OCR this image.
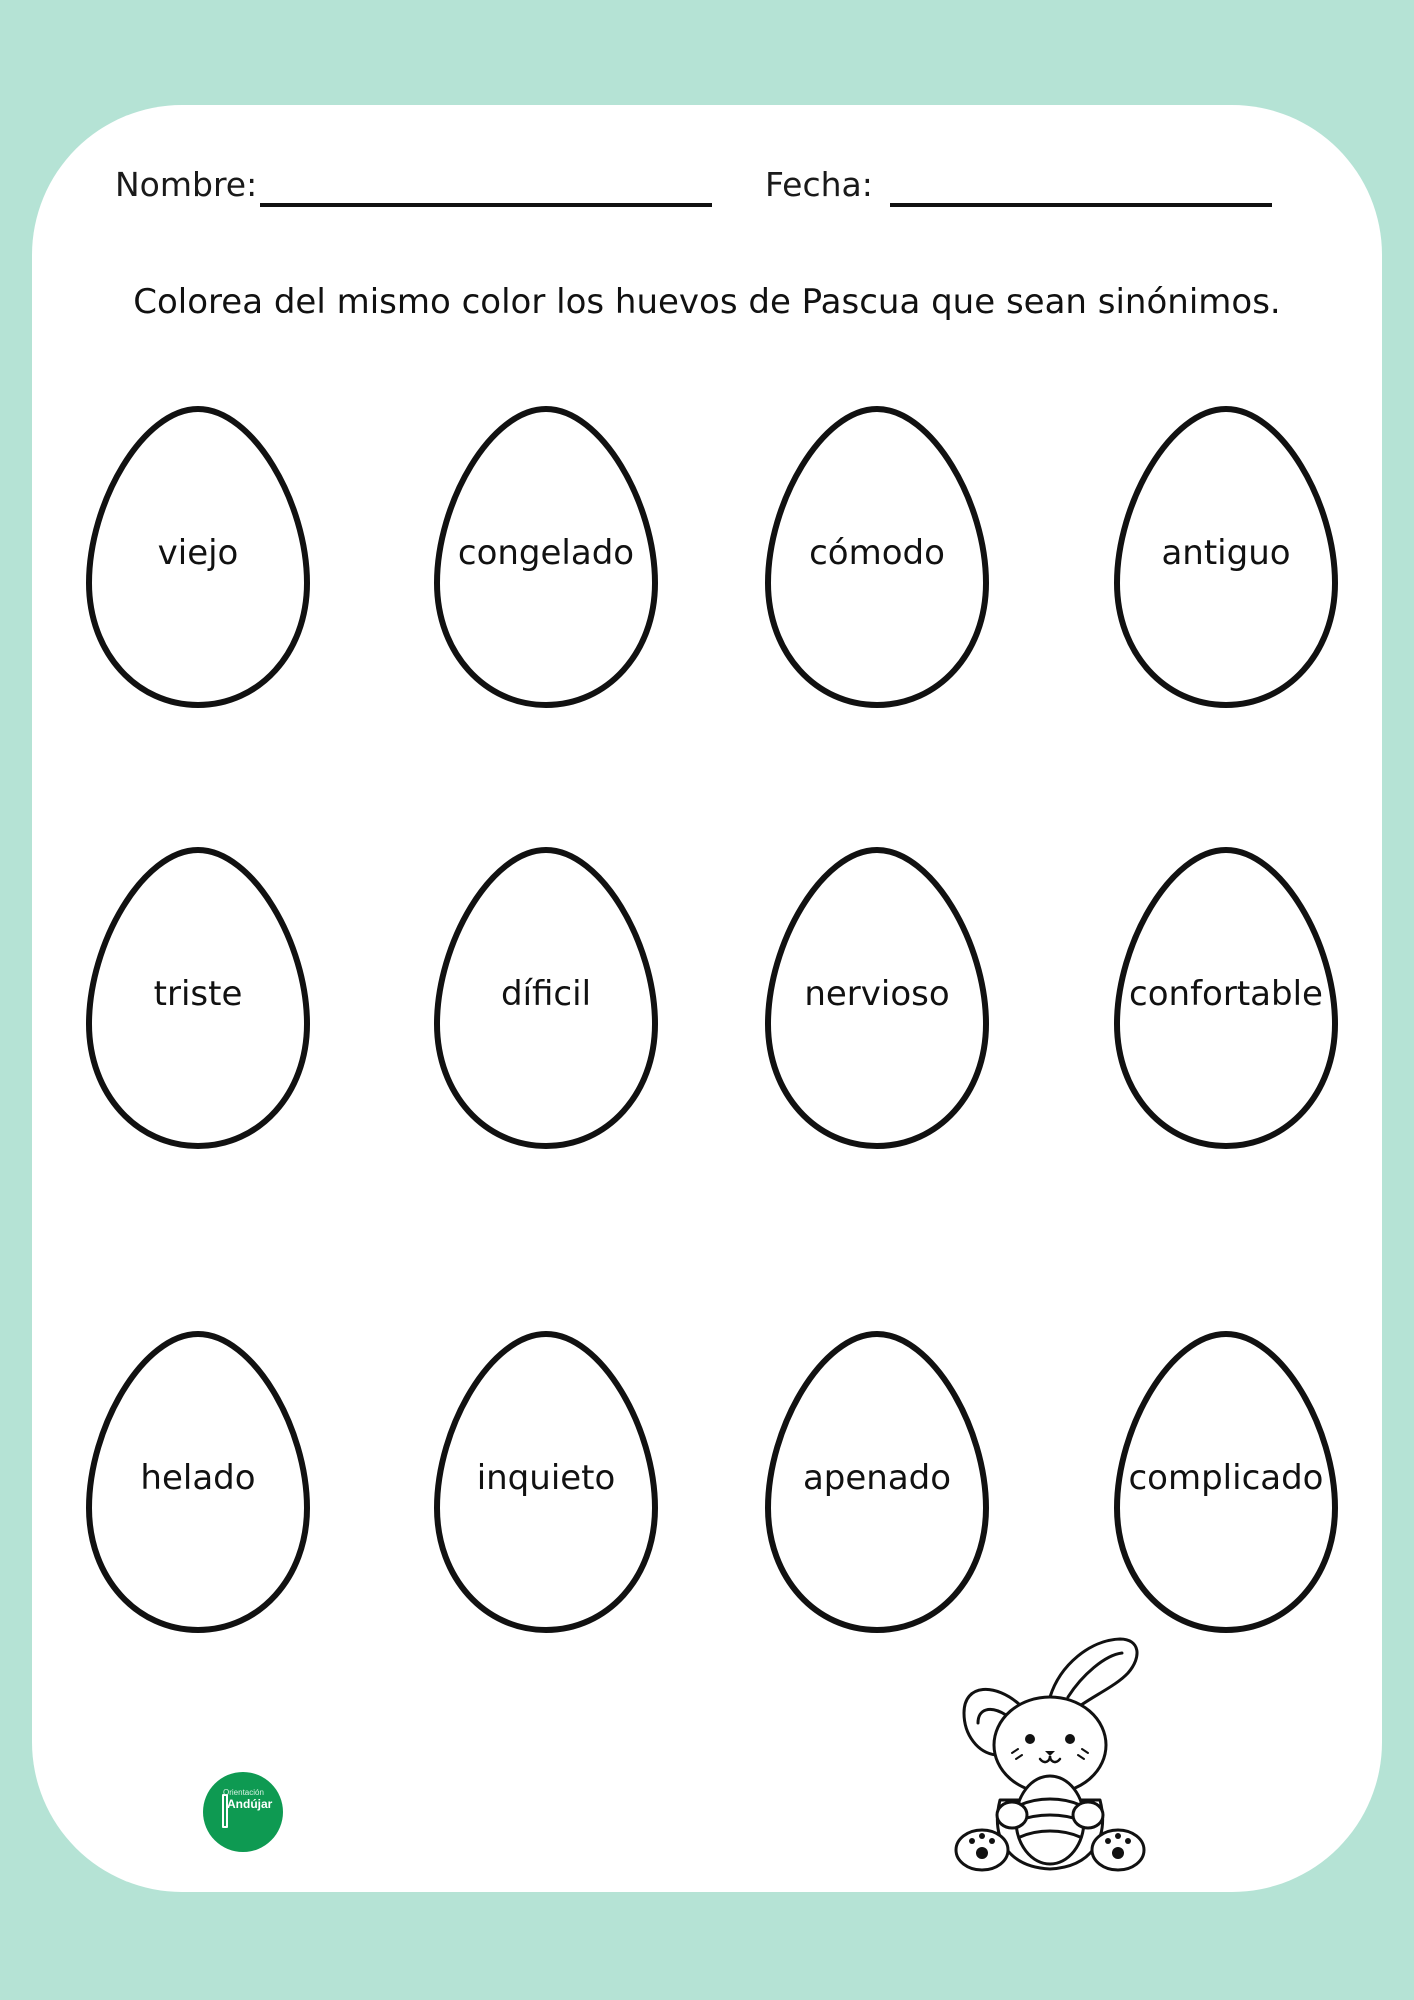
Nombre:	Fecha:
Colorea del mismo color los huevos de Pascua que sean sinónimos.
viejo	congelado	cómodo	antiguo
triste	díficil	nervioso	confortable
helado	inquieto	apenado	complicado
Orientación
Andújar
